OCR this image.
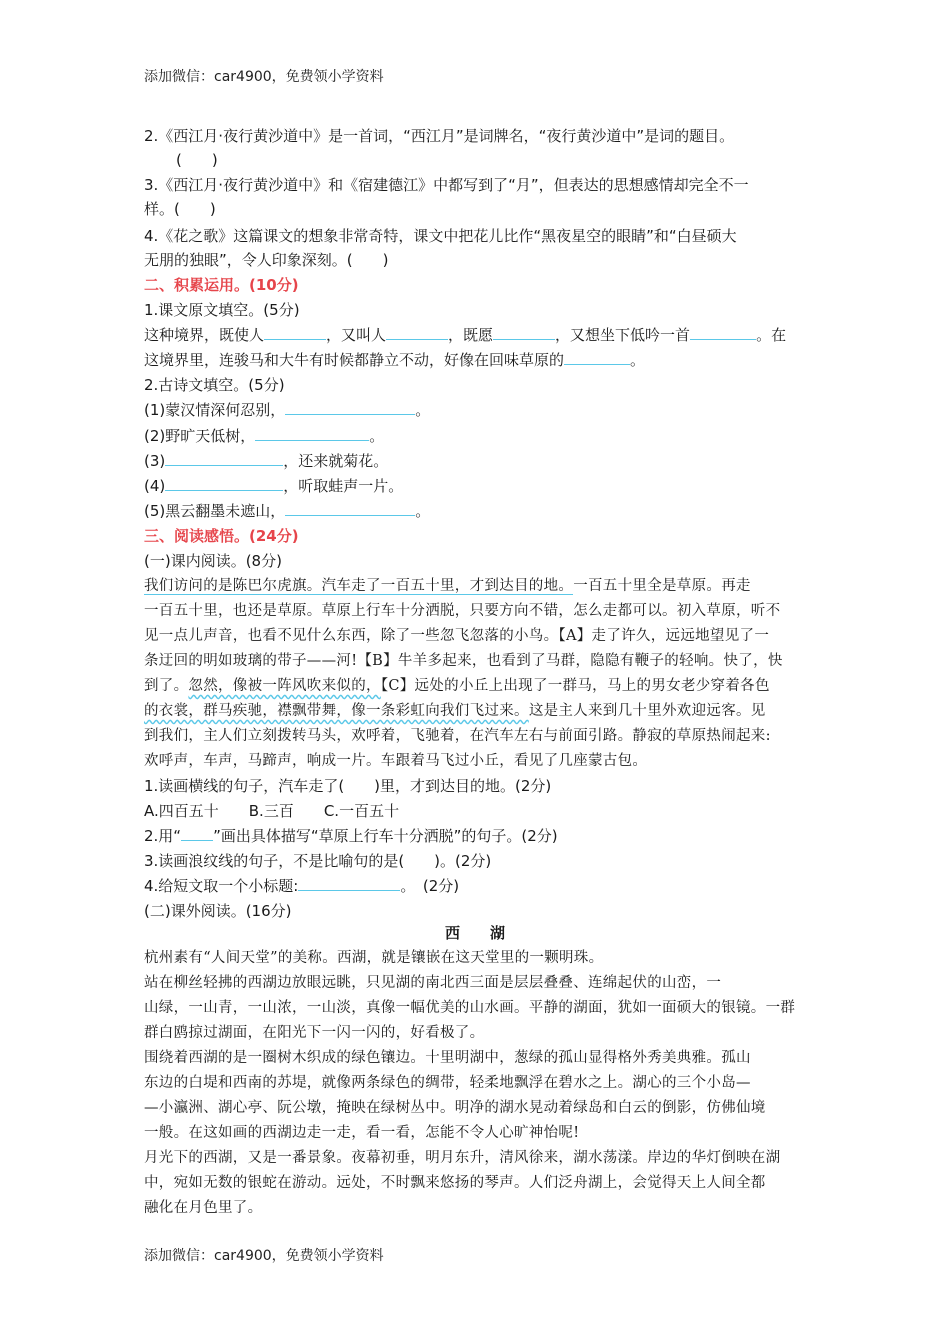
添加微信：car4900，免费领小学资料
2.《西江月·夜行黄沙道中》是一首词，“西江月”是词牌名，“夜行黄沙道中”是词的题目。
(　　)
3.《西江月·夜行黄沙道中》和《宿建德江》中都写到了“月”，但表达的思想感情却完全不一
样。(　　)
4.《花之歌》这篇课文的想象非常奇特，课文中把花儿比作“黑夜星空的眼睛”和“白昼硕大
无朋的独眼”，令人印象深刻。(　　)
二、积累运用。(10分)
1.课文原文填空。(5分)
这种境界，既使人	，又叫人	，既愿	，又想坐下低吟一首	。在
这境界里，连骏马和大牛有时候都静立不动，好像在回味草原的	。
2.古诗文填空。(5分)
(1)蒙汉情深何忍别，	。
(2)野旷天低树，	。
(3)	，还来就菊花。
(4)	，听取蛙声一片。
(5)黑云翻墨未遮山，	。
三、阅读感悟。(24分)
(一)课内阅读。(8分)
我们访问的是陈巴尔虎旗。汽车走了一百五十里，才到达目的地。一百五十里全是草原。再走
一百五十里，也还是草原。草原上行车十分洒脱，只要方向不错，怎么走都可以。初入草原，听不
见一点儿声音，也看不见什么东西，除了一些忽飞忽落的小鸟。【A】走了许久，远远地望见了一
条迂回的明如玻璃的带子——河!【B】牛羊多起来，也看到了马群，隐隐有鞭子的轻响。快了，快
到了。忽然，像被一阵风吹来似的，【C】远处的小丘上出现了一群马，马上的男女老少穿着各色
的衣裳，群马疾驰，襟飘带舞，像一条彩虹向我们飞过来。这是主人来到几十里外欢迎远客。见
到我们，主人们立刻拨转马头，欢呼着，飞驰着，在汽车左右与前面引路。静寂的草原热闹起来:
欢呼声，车声，马蹄声，响成一片。车跟着马飞过小丘，看见了几座蒙古包。
1.读画横线的句子，汽车走了(　　)里，才到达目的地。(2分)
A.四百五十　　B.三百　　C.一百五十
2.用“ ”画出具体描写“草原上行车十分洒脱”的句子。(2分)
3.读画浪纹线的句子，不是比喻句的是(　　)。(2分)
4.给短文取一个小标题:	。　(2分)
(二)课外阅读。(16分)
西　　湖
杭州素有“人间天堂”的美称。西湖，就是镶嵌在这天堂里的一颗明珠。
站在柳丝轻拂的西湖边放眼远眺，只见湖的南北西三面是层层叠叠、连绵起伏的山峦，一
山绿，一山青，一山浓，一山淡，真像一幅优美的山水画。平静的湖面，犹如一面硕大的银镜。一群
群白鸥掠过湖面，在阳光下一闪一闪的，好看极了。
围绕着西湖的是一圈树木织成的绿色镶边。十里明湖中，葱绿的孤山显得格外秀美典雅。孤山
东边的白堤和西南的苏堤，就像两条绿色的绸带，轻柔地飘浮在碧水之上。湖心的三个小岛—
—小瀛洲、湖心亭、阮公墩，掩映在绿树丛中。明净的湖水晃动着绿岛和白云的倒影，仿佛仙境
一般。在这如画的西湖边走一走，看一看，怎能不令人心旷神怡呢!
月光下的西湖，又是一番景象。夜幕初垂，明月东升，清风徐来，湖水荡漾。岸边的华灯倒映在湖
中，宛如无数的银蛇在游动。远处，不时飘来悠扬的琴声。人们泛舟湖上，会觉得天上人间全都
融化在月色里了。
添加微信：car4900，免费领小学资料
